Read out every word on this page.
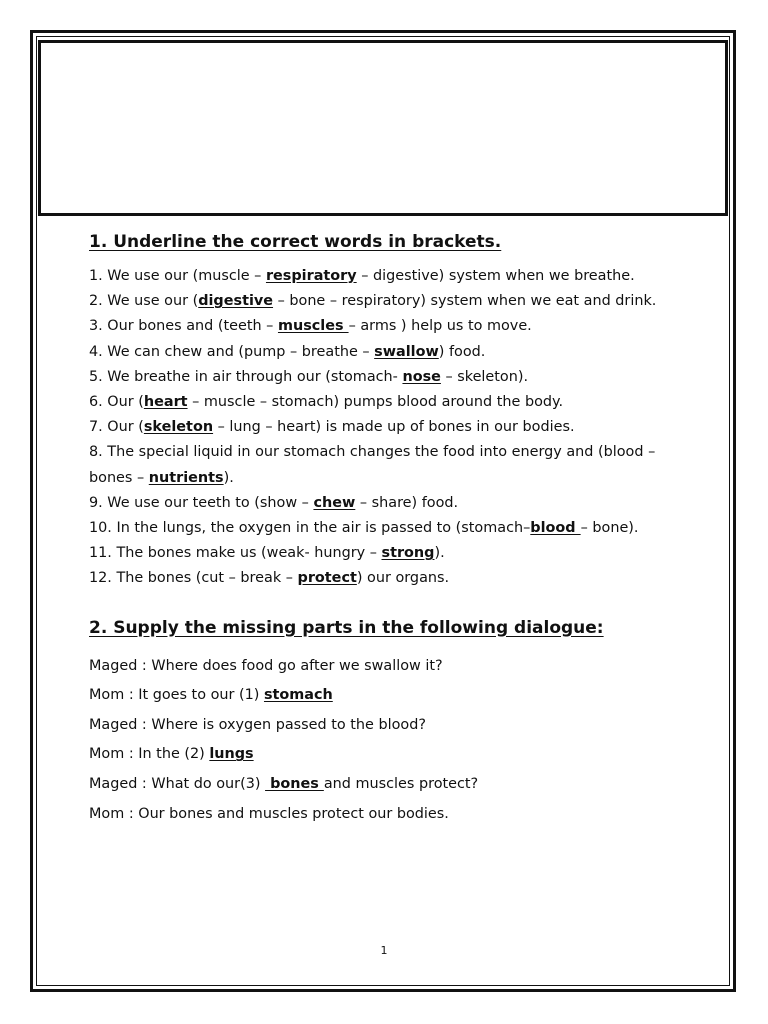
1. Underline the correct words in brackets.

1. We use our (muscle – respiratory – digestive) system when we breathe.

2. We use our (digestive – bone – respiratory) system when we eat and drink.

3. Our bones and (teeth – muscles – arms ) help us to move.

4. We can chew and (pump – breathe – swallow) food.

5. We breathe in air through our (stomach- nose – skeleton).

6. Our (heart – muscle – stomach) pumps blood around the body.

7. Our (skeleton – lung – heart) is made up of bones in our bodies.

8. The special liquid in our stomach changes the food into energy and (blood – bones – nutrients).

9. We use our teeth to (show – chew – share) food.

10. In the lungs, the oxygen in the air is passed to (stomach–blood – bone).

11. The bones make us (weak- hungry – strong).

12. The bones (cut – break – protect) our organs.

2. Supply the missing parts in the following dialogue:

Maged : Where does food go after we swallow it?

Mom : It goes to our (1) stomach

Maged : Where is oxygen passed to the blood?

Mom : In the (2) lungs

Maged : What do our(3)  bones and muscles protect?

Mom : Our bones and muscles protect our bodies.

1
